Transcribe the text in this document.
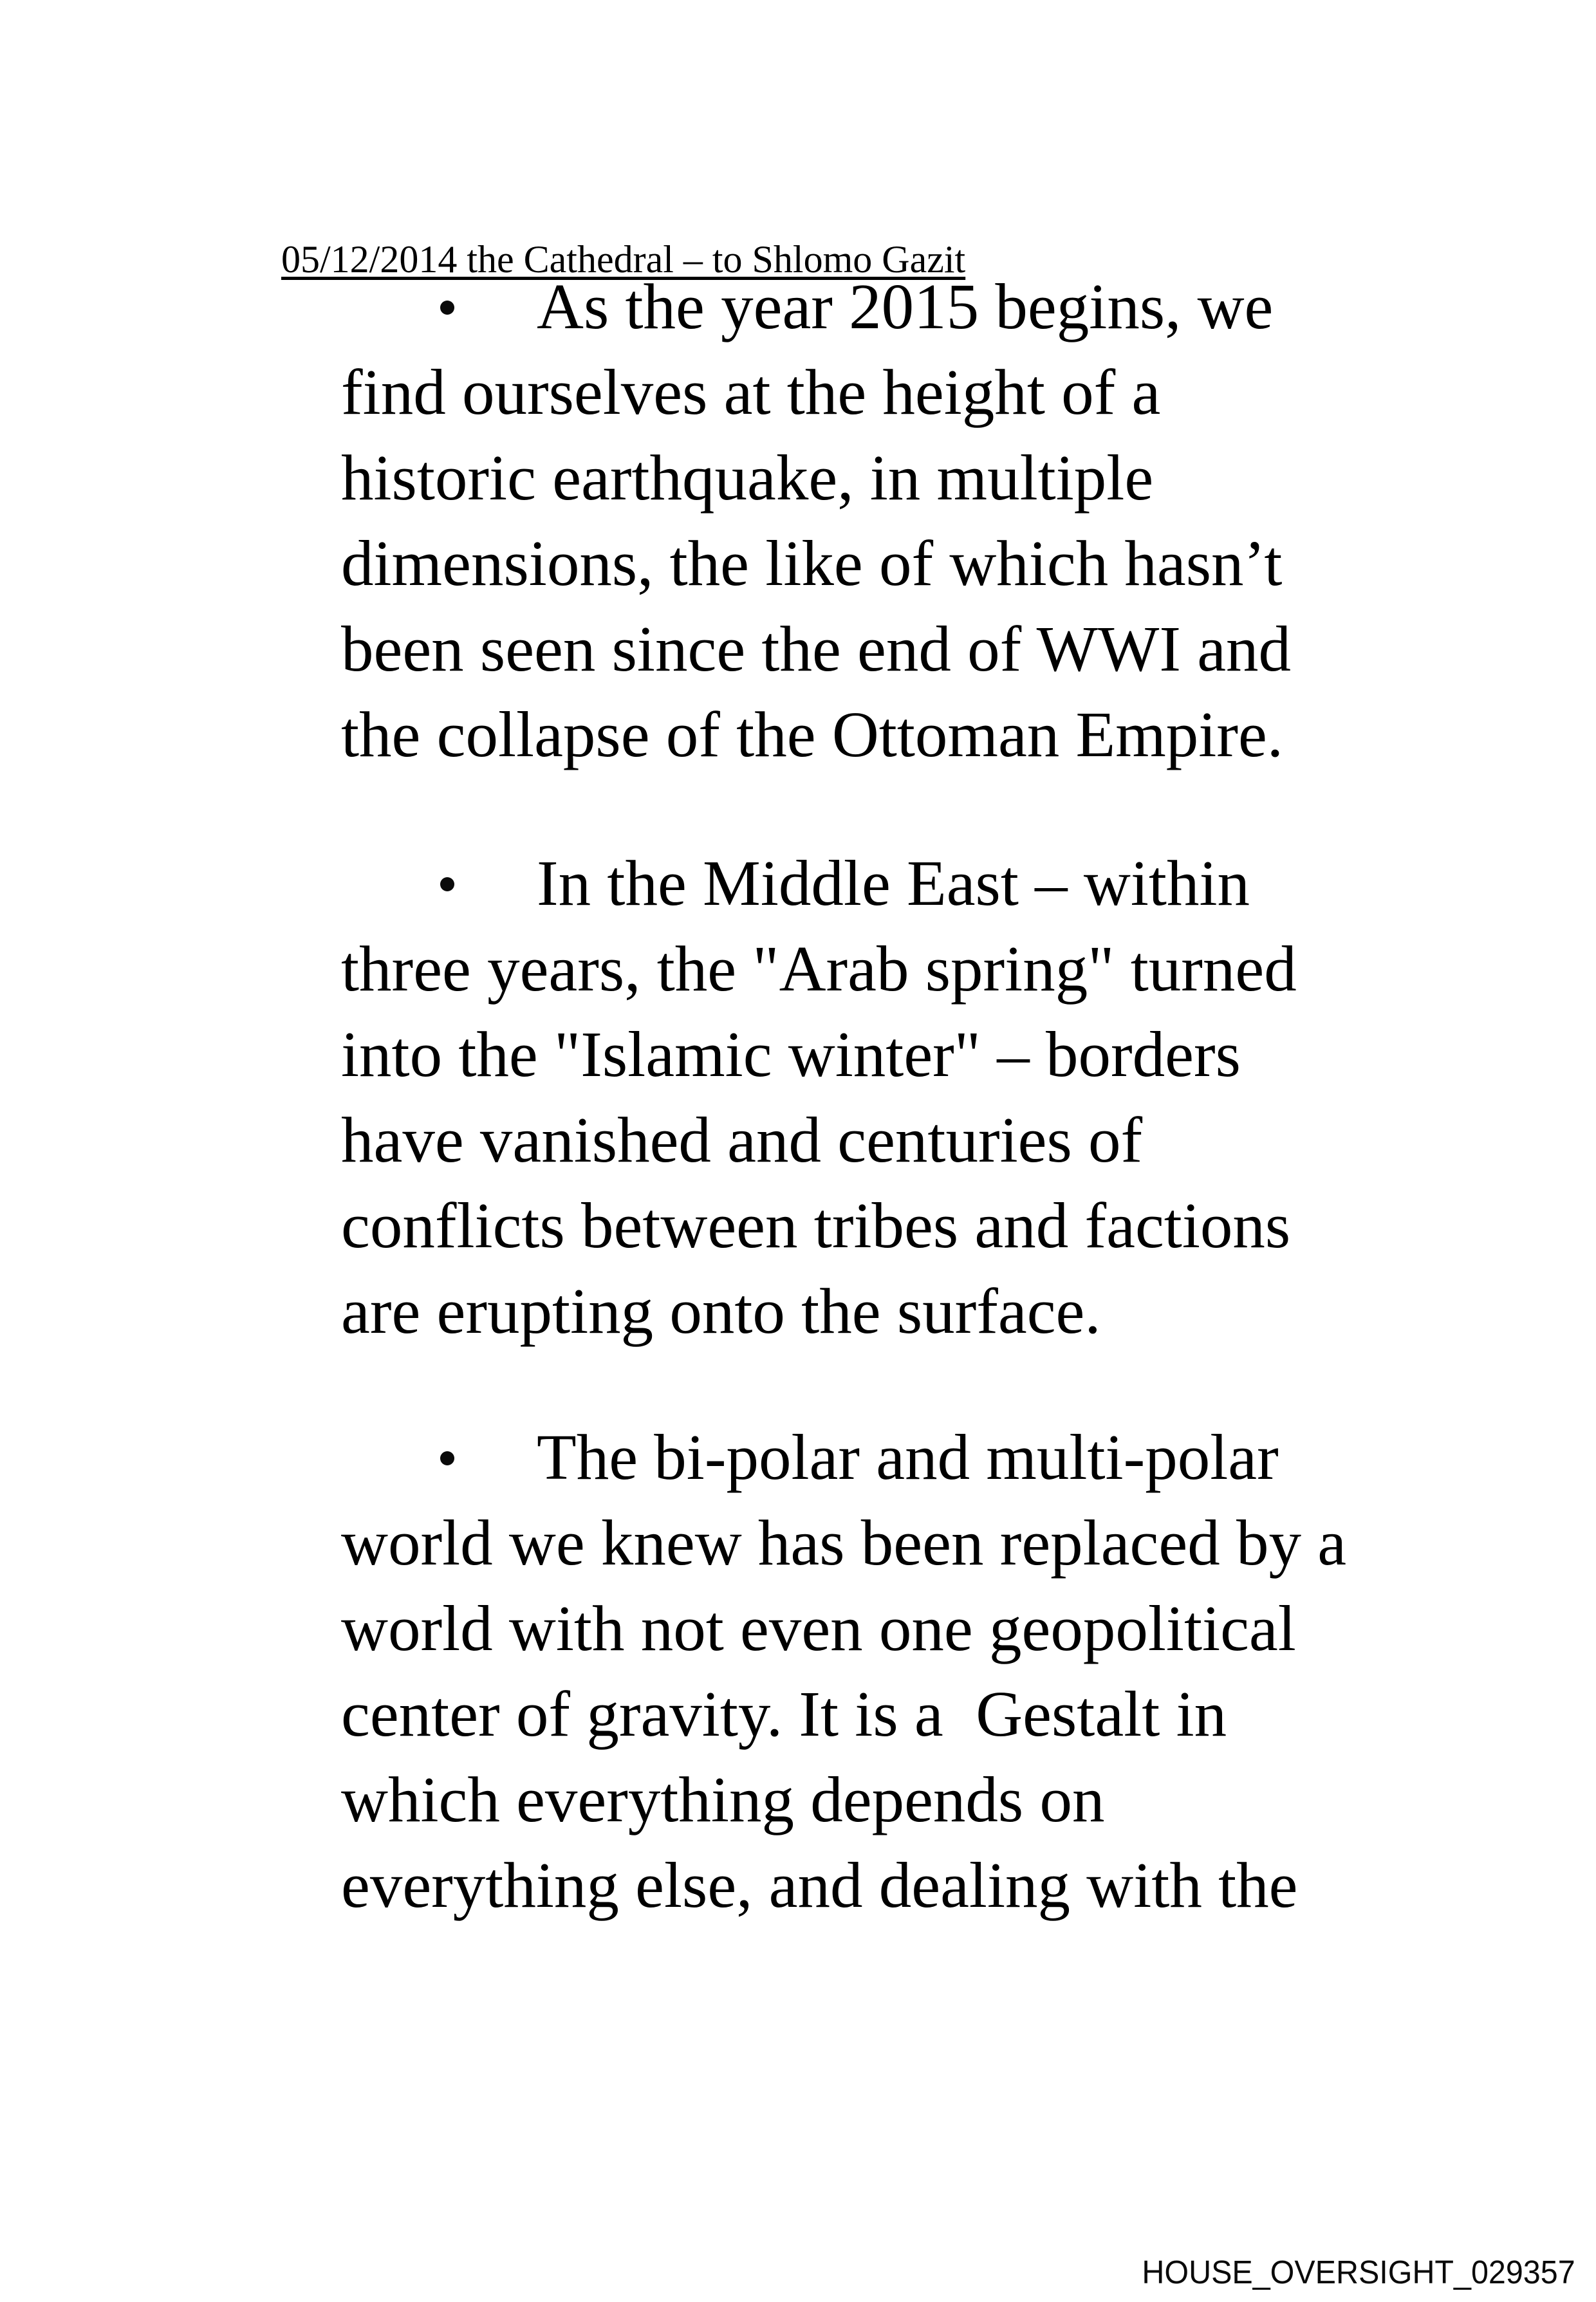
05/12/2014 the Cathedral – to Shlomo Gazit

As the year 2015 begins, we
find ourselves at the height of a
historic earthquake, in multiple
dimensions, the like of which hasn’t
been seen since the end of WWI and
the collapse of the Ottoman Empire.
In the Middle East – within
three years, the "Arab spring" turned
into the "Islamic winter" – borders
have vanished and centuries of
conflicts between tribes and factions
are erupting onto the surface.
The bi-polar and multi-polar
world we knew has been replaced by a
world with not even one geopolitical
center of gravity. It is a  Gestalt in
which everything depends on
everything else, and dealing with the
HOUSE_OVERSIGHT_029357
